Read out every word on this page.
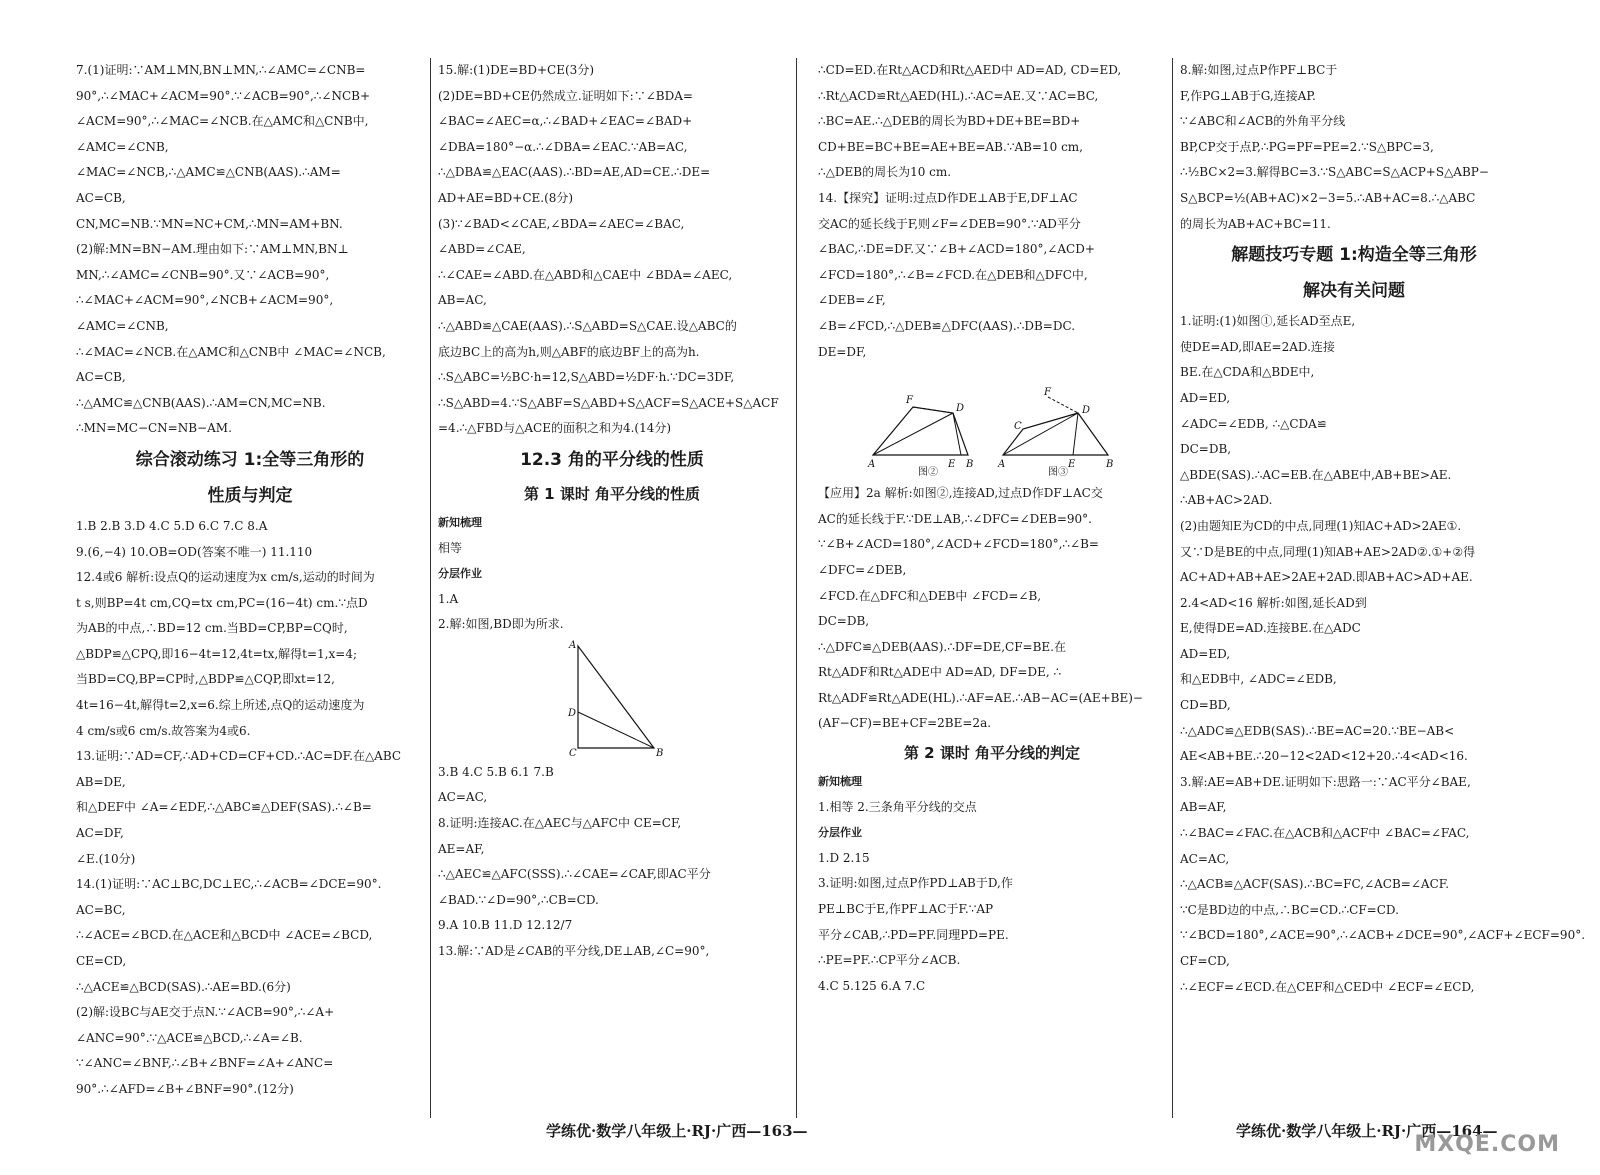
7.(1)证明:∵AM⊥MN,BN⊥MN,∴∠AMC=∠CNB=

90°,∴∠MAC+∠ACM=90°.∵∠ACB=90°,∴∠NCB+

∠ACM=90°,∴∠MAC=∠NCB.在△AMC和△CNB中,

∠AMC=∠CNB,

∠MAC=∠NCB,∴△AMC≌△CNB(AAS).∴AM=

AC=CB,

CN,MC=NB.∵MN=NC+CM,∴MN=AM+BN.

(2)解:MN=BN−AM.理由如下:∵AM⊥MN,BN⊥

MN,∴∠AMC=∠CNB=90°.又∵∠ACB=90°,

∴∠MAC+∠ACM=90°,∠NCB+∠ACM=90°,

∠AMC=∠CNB,

∴∠MAC=∠NCB.在△AMC和△CNB中 ∠MAC=∠NCB,

AC=CB,

∴△AMC≌△CNB(AAS).∴AM=CN,MC=NB.

∴MN=MC−CN=NB−AM.

综合滚动练习 1:全等三角形的
性质与判定

1.B 2.B 3.D 4.C 5.D 6.C 7.C 8.A

9.(6,−4) 10.OB=OD(答案不唯一) 11.110

12.4或6 解析:设点Q的运动速度为x cm/s,运动的时间为

t s,则BP=4t cm,CQ=tx cm,PC=(16−4t) cm.∵点D

为AB的中点,∴BD=12 cm.当BD=CP,BP=CQ时,

△BDP≌△CPQ,即16−4t=12,4t=tx,解得t=1,x=4;

当BD=CQ,BP=CP时,△BDP≌△CQP,即xt=12,

4t=16−4t,解得t=2,x=6.综上所述,点Q的运动速度为

4 cm/s或6 cm/s.故答案为4或6.

13.证明:∵AD=CF,∴AD+CD=CF+CD.∴AC=DF.在△ABC

AB=DE,

和△DEF中 ∠A=∠EDF,∴△ABC≌△DEF(SAS).∴∠B=

AC=DF,

∠E.(10分)

14.(1)证明:∵AC⊥BC,DC⊥EC,∴∠ACB=∠DCE=90°.

AC=BC,

∴∠ACE=∠BCD.在△ACE和△BCD中 ∠ACE=∠BCD,

CE=CD,

∴△ACE≌△BCD(SAS).∴AE=BD.(6分)

(2)解:设BC与AE交于点N.∵∠ACB=90°,∴∠A+

∠ANC=90°.∵△ACE≌△BCD,∴∠A=∠B.

∵∠ANC=∠BNF,∴∠B+∠BNF=∠A+∠ANC=

90°.∴∠AFD=∠B+∠BNF=90°.(12分)

15.解:(1)DE=BD+CE(3分)

(2)DE=BD+CE仍然成立.证明如下:∵∠BDA=

∠BAC=∠AEC=α,∴∠BAD+∠EAC=∠BAD+

∠DBA=180°−α.∴∠DBA=∠EAC.∵AB=AC,

∴△DBA≌△EAC(AAS).∴BD=AE,AD=CE.∴DE=

AD+AE=BD+CE.(8分)

(3)∵∠BAD<∠CAE,∠BDA=∠AEC=∠BAC,

∠ABD=∠CAE,

∴∠CAE=∠ABD.在△ABD和△CAE中 ∠BDA=∠AEC,

AB=AC,

∴△ABD≌△CAE(AAS).∴S△ABD=S△CAE.设△ABC的

底边BC上的高为h,则△ABF的底边BF上的高为h.

∴S△ABC=½BC·h=12,S△ABD=½DF·h.∵DC=3DF,

∴S△ABD=4.∵S△ABF=S△ABD+S△ACF=S△ACE+S△ACF

=4.∴△FBD与△ACE的面积之和为4.(14分)

12.3 角的平分线的性质
第 1 课时 角平分线的性质

新知梳理

相等

分层作业

1.A

2.解:如图,BD即为所求.

A
D
C	B

3.B 4.C 5.B 6.1 7.B

AC=AC,

8.证明:连接AC.在△AEC与△AFC中 CE=CF,

AE=AF,

∴△AEC≌△AFC(SSS).∴∠CAE=∠CAF,即AC平分

∠BAD.∵∠D=90°,∴CB=CD.

9.A 10.B 11.D 12.12/7

13.解:∵AD是∠CAB的平分线,DE⊥AB,∠C=90°,

∴CD=ED.在Rt△ACD和Rt△AED中 AD=AD, CD=ED,

∴Rt△ACD≌Rt△AED(HL).∴AC=AE.又∵AC=BC,

∴BC=AE.∴△DEB的周长为BD+DE+BE=BD+

CD+BE=BC+BE=AE+BE=AB.∵AB=10 cm,

∴△DEB的周长为10 cm.

14.【探究】证明:过点D作DE⊥AB于E,DF⊥AC

交AC的延长线于F,则∠F=∠DEB=90°.∵AD平分

∠BAC,∴DE=DF.又∵∠B+∠ACD=180°,∠ACD+

∠FCD=180°,∴∠B=∠FCD.在△DEB和△DFC中,

∠DEB=∠F,

∠B=∠FCD,∴△DEB≌△DFC(AAS).∴DB=DC.

DE=DF,

A	E B
F
D
图②
A	E	B
C
F
D
图③

【应用】2a 解析:如图②,连接AD,过点D作DF⊥AC交

AC的延长线于F.∵DE⊥AB,∴∠DFC=∠DEB=90°.

∵∠B+∠ACD=180°,∠ACD+∠FCD=180°,∴∠B=

∠DFC=∠DEB,

∠FCD.在△DFC和△DEB中 ∠FCD=∠B,

DC=DB,

∴△DFC≌△DEB(AAS).∴DF=DE,CF=BE.在

Rt△ADF和Rt△ADE中 AD=AD, DF=DE, ∴

Rt△ADF≌Rt△ADE(HL).∴AF=AE.∴AB−AC=(AE+BE)−

(AF−CF)=BE+CF=2BE=2a.

第 2 课时 角平分线的判定

新知梳理

1.相等 2.三条角平分线的交点

分层作业

1.D 2.15

3.证明:如图,过点P作PD⊥AB于D,作

PE⊥BC于E,作PF⊥AC于F.∵AP

平分∠CAB,∴PD=PF.同理PD=PE.

∴PE=PF.∴CP平分∠ACB.

4.C 5.125 6.A 7.C

8.解:如图,过点P作PF⊥BC于

F,作PG⊥AB于G,连接AP.

∵∠ABC和∠ACB的外角平分线

BP,CP交于点P,∴PG=PF=PE=2.∵S△BPC=3,

∴½BC×2=3.解得BC=3.∵S△ABC=S△ACP+S△ABP−

S△BCP=½(AB+AC)×2−3=5.∴AB+AC=8.∴△ABC

的周长为AB+AC+BC=11.

解题技巧专题 1:构造全等三角形
解决有关问题

1.证明:(1)如图①,延长AD至点E,

使DE=AD,即AE=2AD.连接

BE.在△CDA和△BDE中,

AD=ED,

∠ADC=∠EDB, ∴△CDA≌

DC=DB,

△BDE(SAS).∴AC=EB.在△ABE中,AB+BE>AE.

∴AB+AC>2AD.

(2)由题知E为CD的中点,同理(1)知AC+AD>2AE①.

又∵D是BE的中点,同理(1)知AB+AE>2AD②.①+②得

AC+AD+AB+AE>2AE+2AD.即AB+AC>AD+AE.

2.4<AD<16 解析:如图,延长AD到

E,使得DE=AD.连接BE.在△ADC

AD=ED,

和△EDB中, ∠ADC=∠EDB,

CD=BD,

∴△ADC≌△EDB(SAS).∴BE=AC=20.∵BE−AB<

AE<AB+BE.∴20−12<2AD<12+20.∴4<AD<16.

3.解:AE=AB+DE.证明如下:思路一:∵AC平分∠BAE,

AB=AF,

∴∠BAC=∠FAC.在△ACB和△ACF中 ∠BAC=∠FAC,

AC=AC,

∴△ACB≌△ACF(SAS).∴BC=FC,∠ACB=∠ACF.

∵C是BD边的中点,∴BC=CD.∴CF=CD.

∵∠BCD=180°,∠ACE=90°,∴∠ACB+∠DCE=90°,∠ACF+∠ECF=90°.

CF=CD,

∴∠ECF=∠ECD.在△CEF和△CED中 ∠ECF=∠ECD,

学练优·数学八年级上·RJ·广西—163—	学练优·数学八年级上·RJ·广西—164—
MXQE.COM
